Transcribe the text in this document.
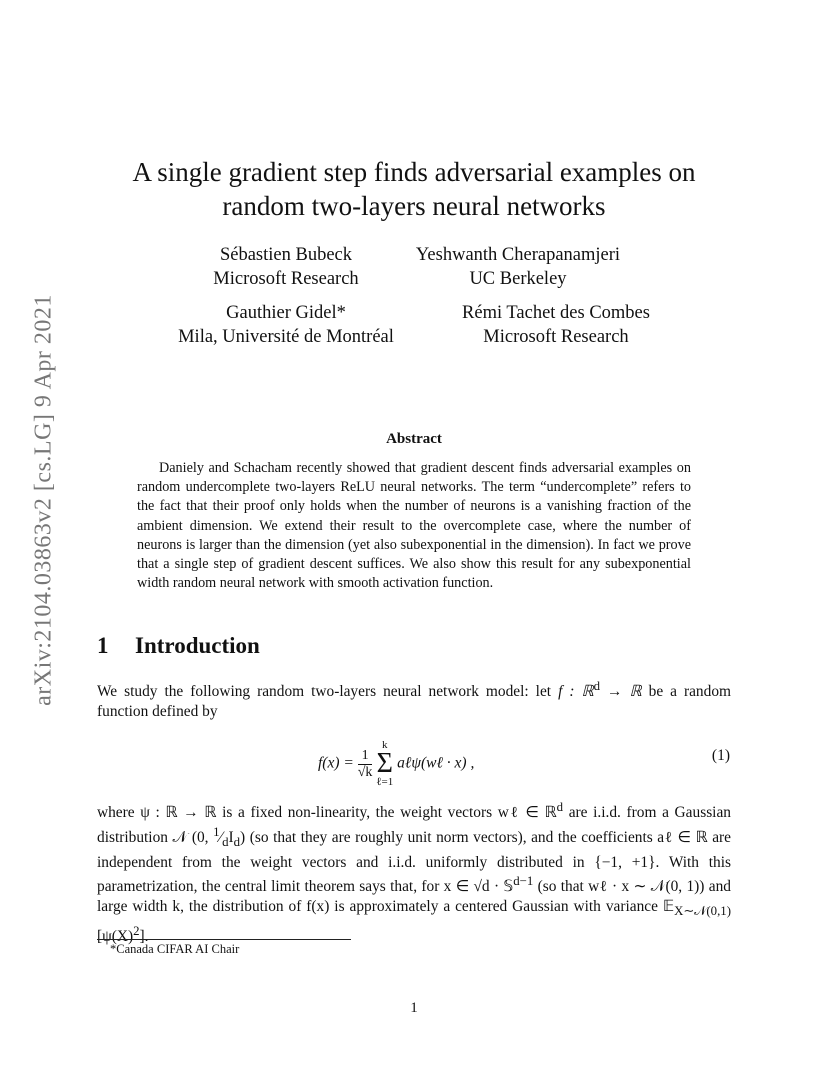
arXiv:2104.03863v2 [cs.LG] 9 Apr 2021
A single gradient step finds adversarial examples on
random two-layers neural networks
Sébastien Bubeck
Microsoft Research
Yeshwanth Cherapanamjeri
UC Berkeley
Gauthier Gidel*
Mila, Université de Montréal
Rémi Tachet des Combes
Microsoft Research
Abstract

Daniely and Schacham recently showed that gradient descent finds adversarial examples on random undercomplete two-layers ReLU neural networks. The term “undercomplete” refers to the fact that their proof only holds when the number of neurons is a vanishing fraction of the ambient dimension. We extend their result to the overcomplete case, where the number of neurons is larger than the dimension (yet also subexponential in the dimension). In fact we prove that a single step of gradient descent suffices. We also show this result for any subexponential width random neural network with smooth activation function.

1 Introduction

We study the following random two-layers neural network model: let f : ℝ$^d$ → ℝ be a random function defined by

$f(x) = \frac{1}{√k}$
k
Σ
ℓ=1 aℓψ(wℓ · x) ,	(1)

where ψ : ℝ → ℝ is a fixed non-linearity, the weight vectors wℓ ∈ ℝ$^d$ are i.i.d. from a Gaussian distribution 𝒩 (0, $^1⁄_dI_d$) (so that they are roughly unit norm vectors), and the coefficients aℓ ∈ ℝ are independent from the weight vectors and i.i.d. uniformly distributed in {−1, +1}. With this parametrization, the central limit theorem says that, for x ∈ √d · 𝕊$^{d-1}$ (so that wℓ · x ∼ 𝒩(0, 1)) and large width k, the distribution of f(x) is approximately a centered Gaussian with variance $𝔼_{X\sim 𝒩(0,1)}[\psi(X)^2]$.

*Canada CIFAR AI Chair
1
